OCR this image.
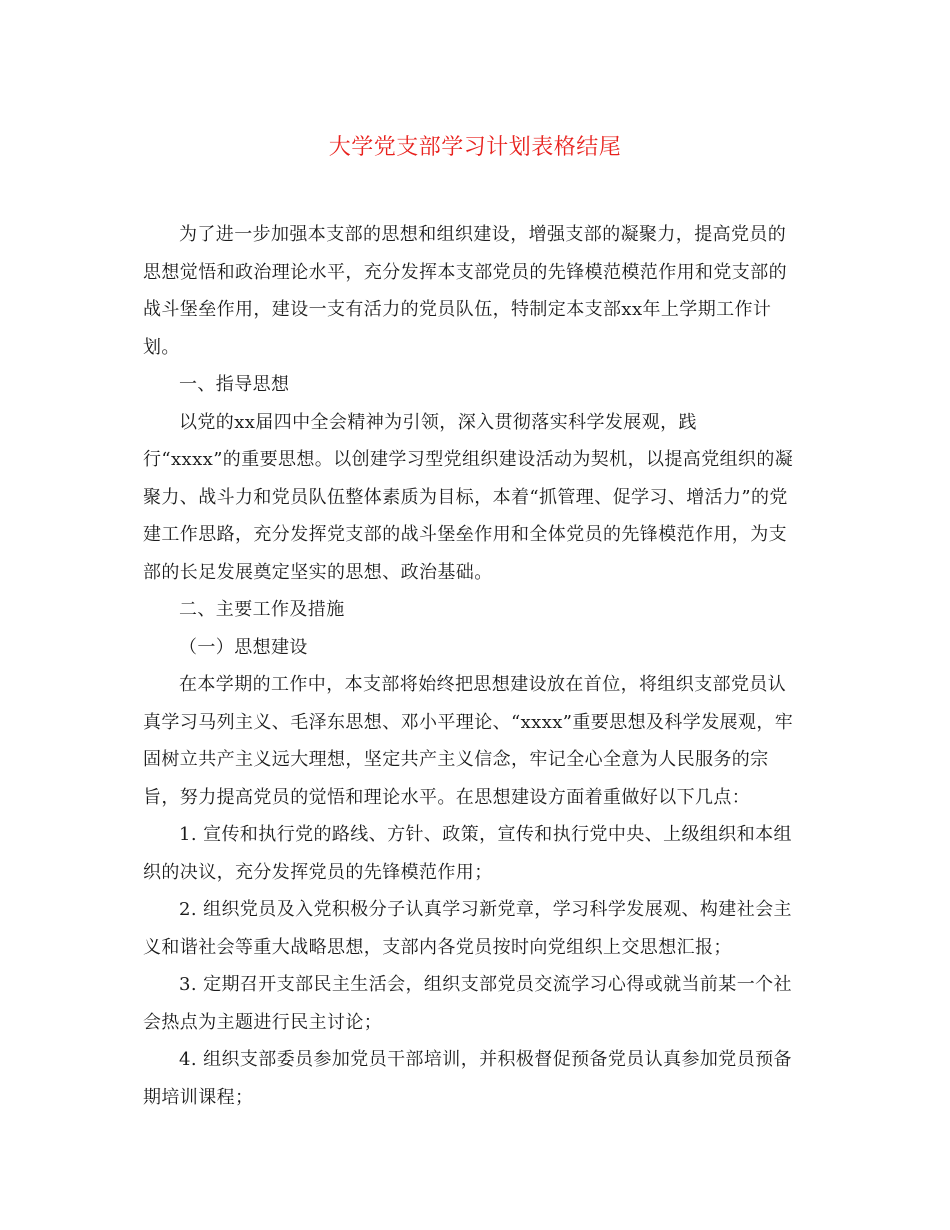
大学党支部学习计划表格结尾

为了进一步加强本支部的思想和组织建设，增强支部的凝聚力，提高党员的
思想觉悟和政治理论水平，充分发挥本支部党员的先锋模范模范作用和党支部的
战斗堡垒作用，建设一支有活力的党员队伍，特制定本支部xx年上学期工作计
划。

一、指导思想

以党的xx届四中全会精神为引领，深入贯彻落实科学发展观，践
行“xxxx”的重要思想。以创建学习型党组织建设活动为契机，以提高党组织的凝
聚力、战斗力和党员队伍整体素质为目标，本着“抓管理、促学习、增活力”的党
建工作思路，充分发挥党支部的战斗堡垒作用和全体党员的先锋模范作用，为支
部的长足发展奠定坚实的思想、政治基础。

二、主要工作及措施

（一）思想建设

在本学期的工作中，本支部将始终把思想建设放在首位，将组织支部党员认
真学习马列主义、毛泽东思想、邓小平理论、“xxxx”重要思想及科学发展观，牢
固树立共产主义远大理想，坚定共产主义信念，牢记全心全意为人民服务的宗
旨，努力提高党员的觉悟和理论水平。在思想建设方面着重做好以下几点：

1. 宣传和执行党的路线、方针、政策，宣传和执行党中央、上级组织和本组
织的决议，充分发挥党员的先锋模范作用；

2. 组织党员及入党积极分子认真学习新党章，学习科学发展观、构建社会主
义和谐社会等重大战略思想，支部内各党员按时向党组织上交思想汇报；

3. 定期召开支部民主生活会，组织支部党员交流学习心得或就当前某一个社
会热点为主题进行民主讨论；

4. 组织支部委员参加党员干部培训，并积极督促预备党员认真参加党员预备
期培训课程；
